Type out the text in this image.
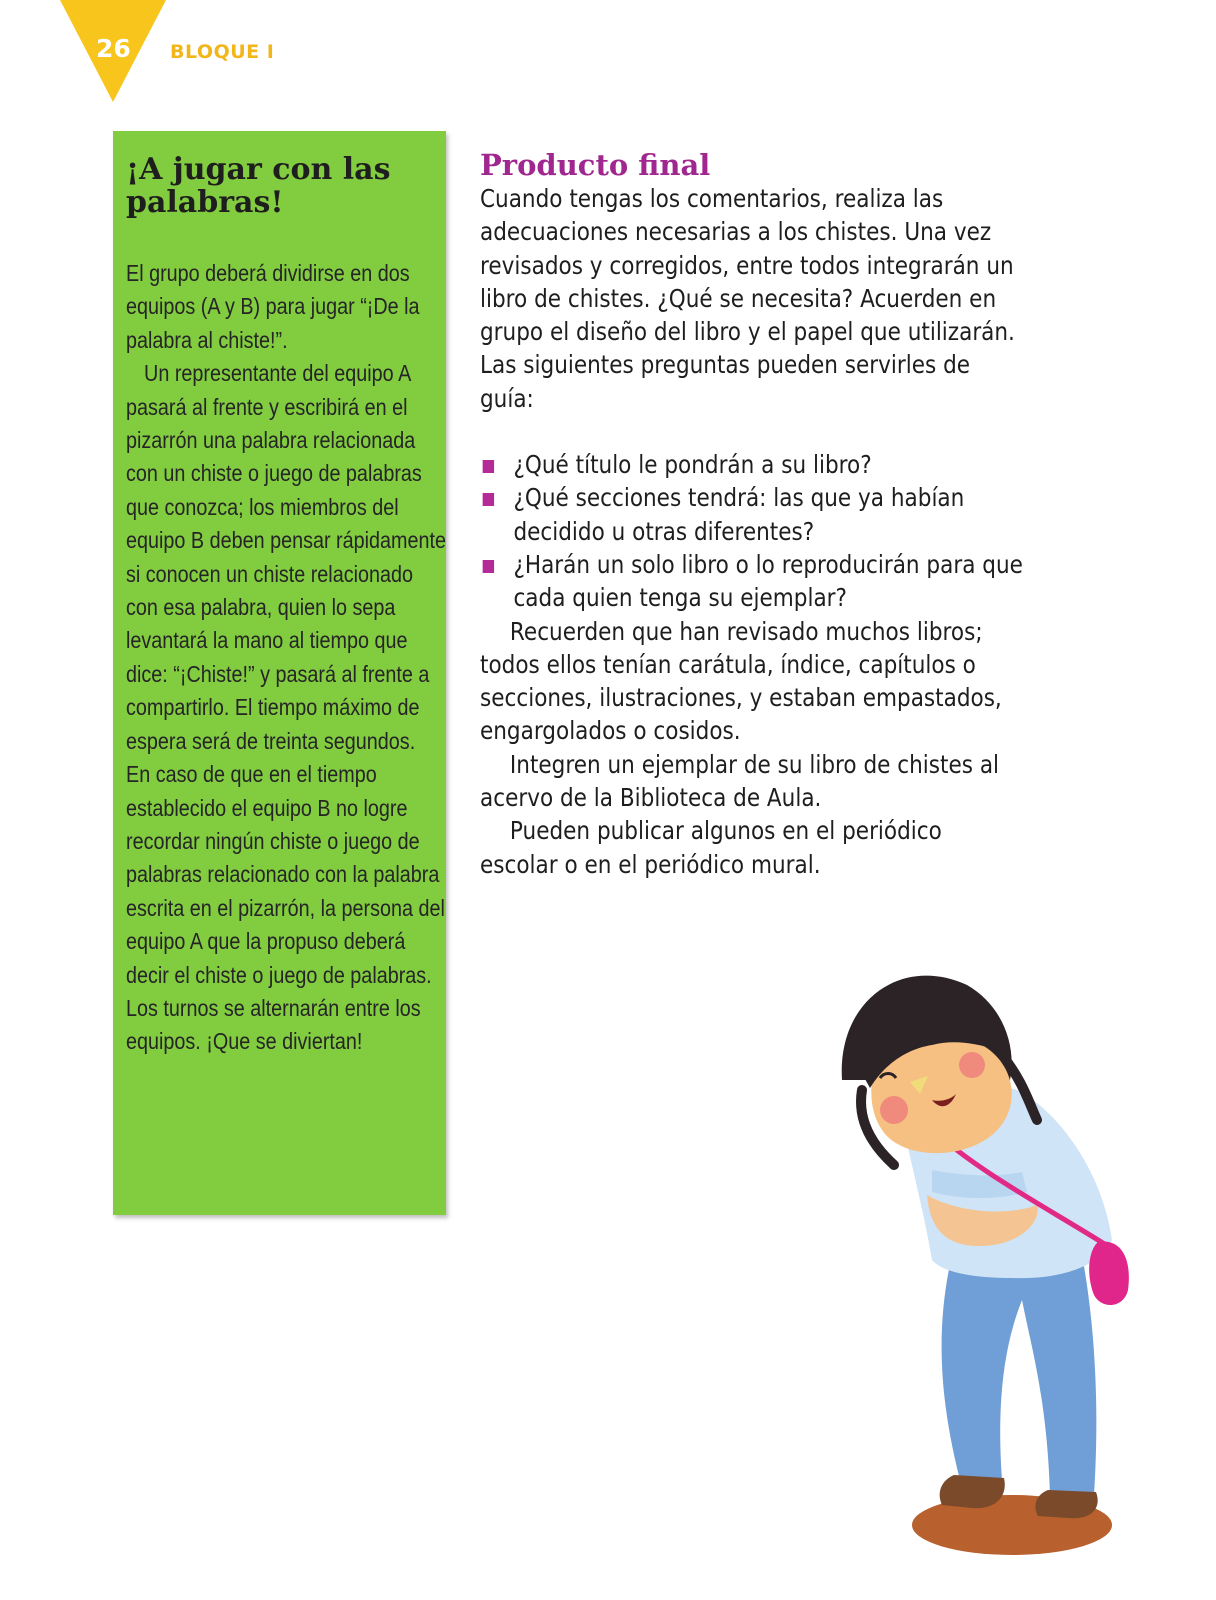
26 BLOQUE I
¡A jugar con las palabras!

El grupo deberá dividirse en dos equipos (A y B) para jugar “¡De la palabra al chiste!”.

Un representante del equipo A pasará al frente y escribirá en el pizarrón una palabra relacionada con un chiste o juego de palabras que conozca; los miembros del equipo B deben pensar rápidamente si conocen un chiste relacionado con esa palabra, quien lo sepa levantará la mano al tiempo que dice: “¡Chiste!” y pasará al frente a compartirlo. El tiempo máximo de espera será de treinta segundos.

En caso de que en el tiempo establecido el equipo B no logre recordar ningún chiste o juego de palabras relacionado con la palabra escrita en el pizarrón, la persona del equipo A que la propuso deberá decir el chiste o juego de palabras. Los turnos se alternarán entre los equipos. ¡Que se diviertan!

Producto final

Cuando tengas los comentarios, realiza las adecuaciones necesarias a los chistes. Una vez revisados y corregidos, entre todos integrarán un libro de chistes. ¿Qué se necesita? Acuerden en grupo el diseño del libro y el papel que utilizarán. Las siguientes preguntas pueden servirles de guía:

¿Qué título le pondrán a su libro?
¿Qué secciones tendrá: las que ya habían decidido u otras diferentes?
¿Harán un solo libro o lo reproducirán para que cada quien tenga su ejemplar?

Recuerden que han revisado muchos libros; todos ellos tenían carátula, índice, capítulos o secciones, ilustraciones, y estaban empastados, engargolados o cosidos.

Integren un ejemplar de su libro de chistes al acervo de la Biblioteca de Aula.

Pueden publicar algunos en el periódico escolar o en el periódico mural.
